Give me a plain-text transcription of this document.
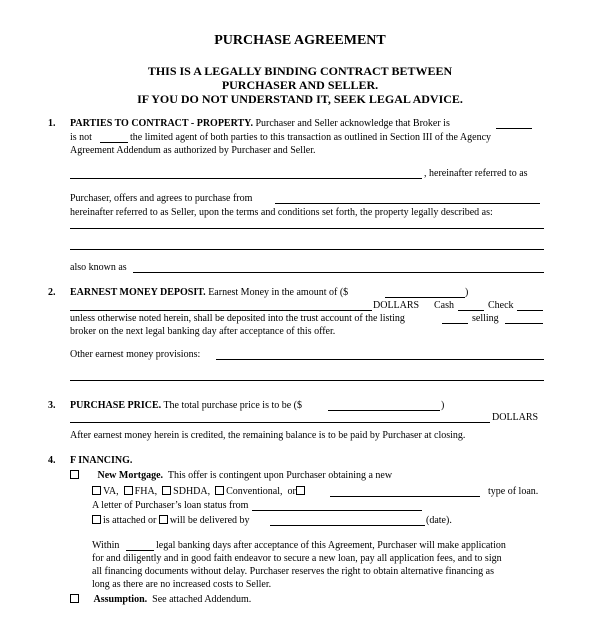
PURCHASE AGREEMENT
THIS IS A LEGALLY BINDING CONTRACT BETWEEN
PURCHASER AND SELLER.
IF YOU DO NOT UNDERSTAND IT, SEEK LEGAL ADVICE.
1. PARTIES TO CONTRACT - PROPERTY. Purchaser and Seller acknowledge that Broker is
is not	the limited agent of both parties to this transaction as outlined in Section III of the Agency
Agreement Addendum as authorized by Purchaser and Seller.
, hereinafter referred to as
Purchaser, offers and agrees to purchase from
hereinafter referred to as Seller, upon the terms and conditions set forth, the property legally described as:
also known as
2. EARNEST MONEY DEPOSIT. Earnest Money in the amount of ($	)
DOLLARS Cash	Check
unless otherwise noted herein, shall be deposited into the trust account of the listing	selling
broker on the next legal banking day after acceptance of this offer.
Other earnest money provisions:
3. PURCHASE PRICE. The total purchase price is to be ($	)
DOLLARS
After earnest money herein is credited, the remaining balance is to be paid by Purchaser at closing.
4. F INANCING.
New Mortgage. This offer is contingent upon Purchaser obtaining a new
VA, FHA, SDHDA, Conventional, or	type of loan.
A letter of Purchaser’s loan status from
is attached or will be delivered by	(date).
Within	legal banking days after acceptance of this Agreement, Purchaser will make application
for and diligently and in good faith endeavor to secure a new loan, pay all application fees, and to sign
all financing documents without delay. Purchaser reserves the right to obtain alternative financing as
long as there are no increased costs to Seller.
Assumption. See attached Addendum.
